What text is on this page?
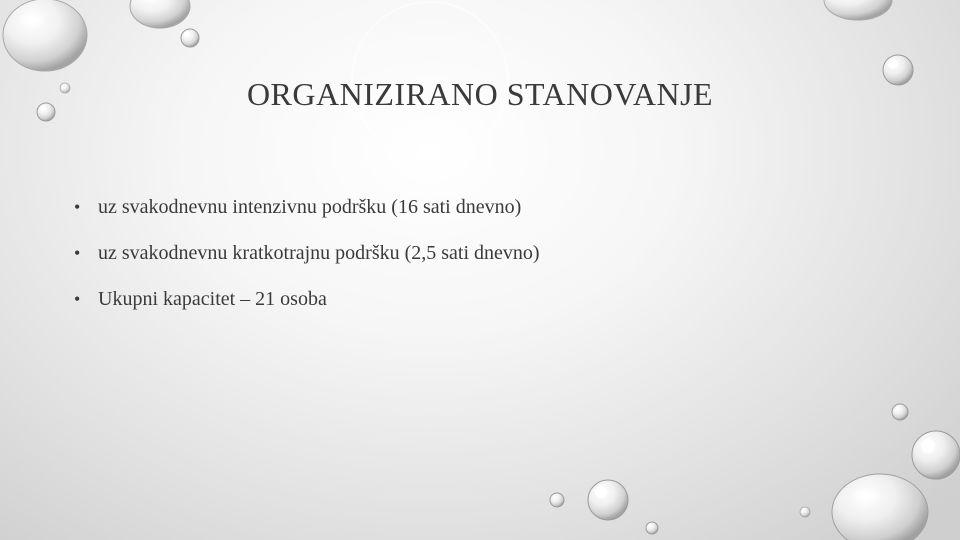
ORGANIZIRANO STANOVANJE
• uz svakodnevnu intenzivnu podršku (16 sati dnevno)
• uz svakodnevnu kratkotrajnu podršku (2,5 sati dnevno)
• Ukupni kapacitet – 21 osoba
